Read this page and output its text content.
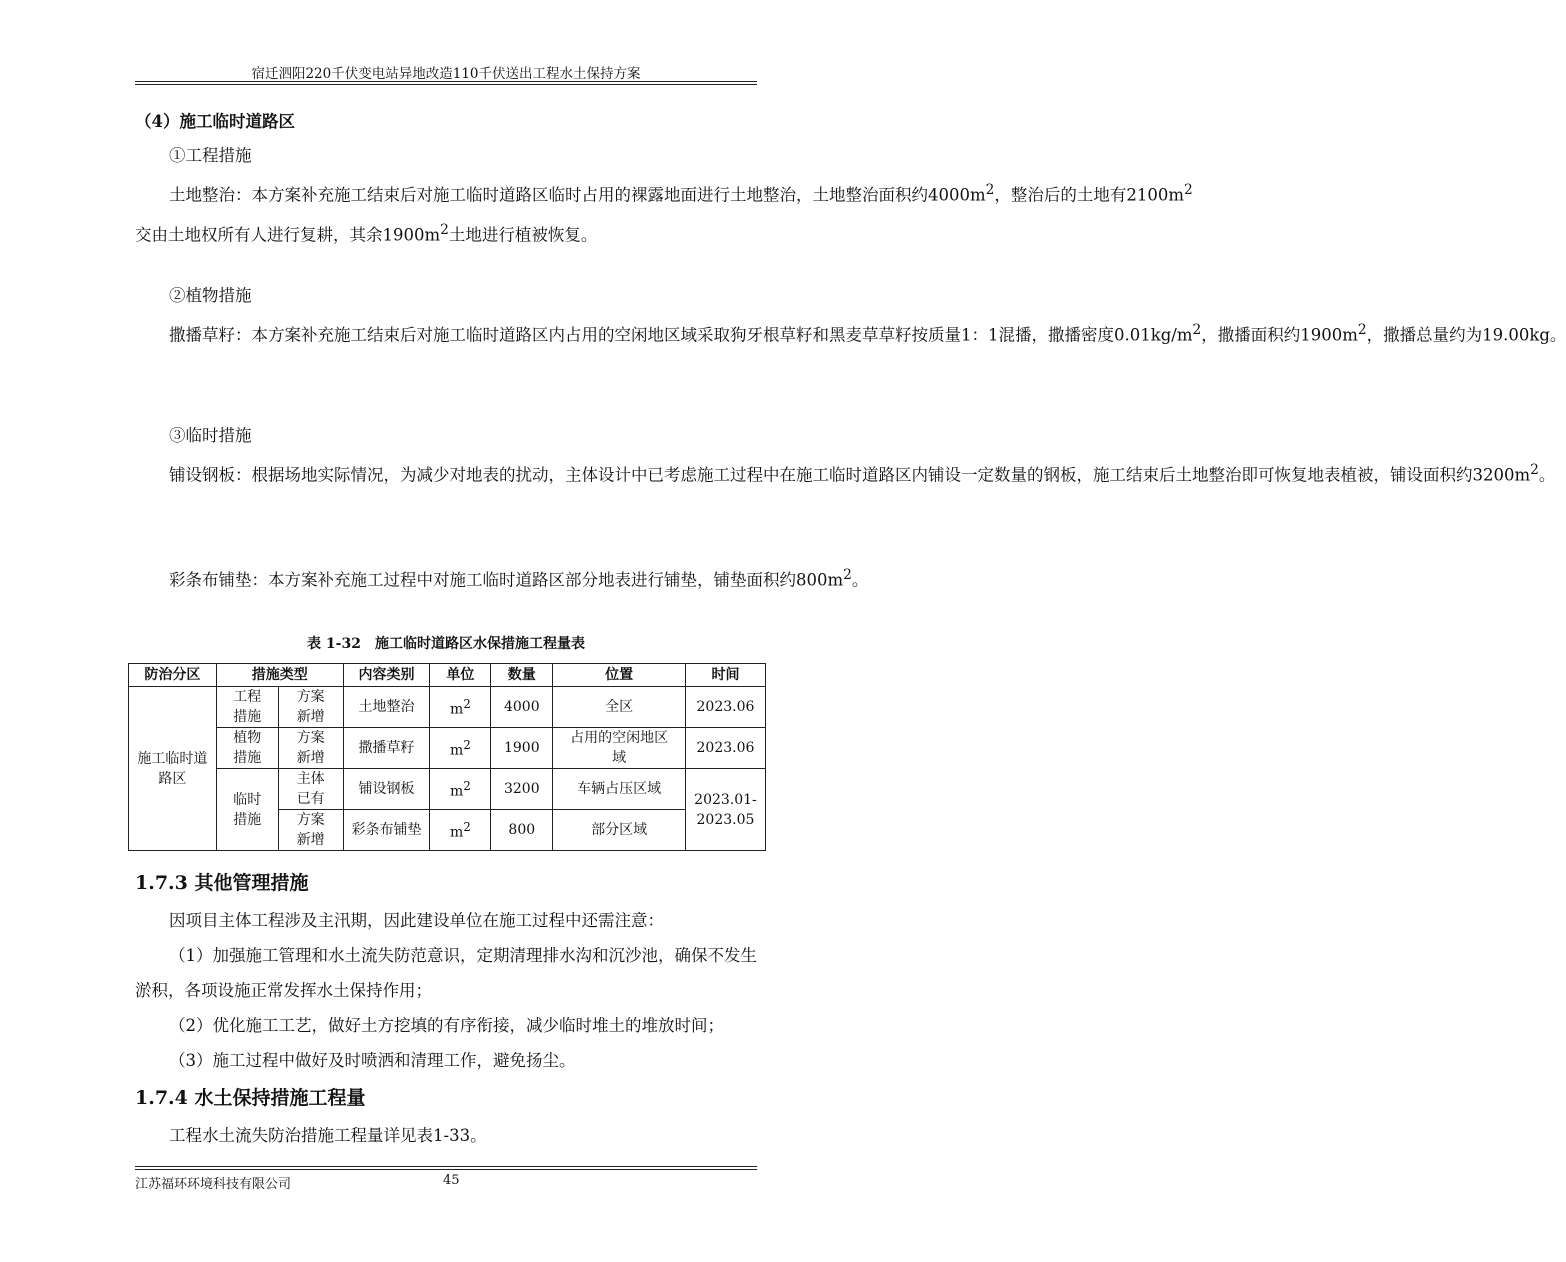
宿迁泗阳220千伏变电站异地改造110千伏送出工程水土保持方案
（4）施工临时道路区
①工程措施
土地整治：本方案补充施工结束后对施工临时道路区临时占用的裸露地面进行土地整治，土地整治面积约$4000m^2$，整治后的土地有$2100m^2$交由土地权所有人进行复耕，其余$1900m^2$土地进行植被恢复。
②植物措施
撒播草籽：本方案补充施工结束后对施工临时道路区内占用的空闲地区域采取狗牙根草籽和黑麦草草籽按质量1：1混播，撒播密度$0.01kg/m^2$，撒播面积约$1900m^2$，撒播总量约为19.00kg。
③临时措施
铺设钢板：根据场地实际情况，为减少对地表的扰动，主体设计中已考虑施工过程中在施工临时道路区内铺设一定数量的钢板，施工结束后土地整治即可恢复地表植被，铺设面积约$3200m^2$。
彩条布铺垫：本方案补充施工过程中对施工临时道路区部分地表进行铺垫，铺垫面积约$800m^2$。
表 1-32　施工临时道路区水保措施工程量表
防治分区	措施类型		内容类别	单位	数量	位置	时间
施工临时道路区	工程措施	方案新增	土地整治	$m^2$	4000	全区	2023.06
	植物措施	方案新增	撒播草籽	$m^2$	1900	占用的空闲地区域	2023.06
	临时措施	主体已有	铺设钢板	$m^2$	3200	车辆占压区域	2023.01-2023.05
		方案新增	彩条布铺垫	$m^2$	800	部分区域	
1.7.3 其他管理措施
因项目主体工程涉及主汛期，因此建设单位在施工过程中还需注意：
（1）加强施工管理和水土流失防范意识，定期清理排水沟和沉沙池，确保不发生淤积，各项设施正常发挥水土保持作用；
（2）优化施工工艺，做好土方挖填的有序衔接，减少临时堆土的堆放时间；
（3）施工过程中做好及时喷洒和清理工作，避免扬尘。
1.7.4 水土保持措施工程量
工程水土流失防治措施工程量详见表1-33。
江苏福环环境科技有限公司	45
